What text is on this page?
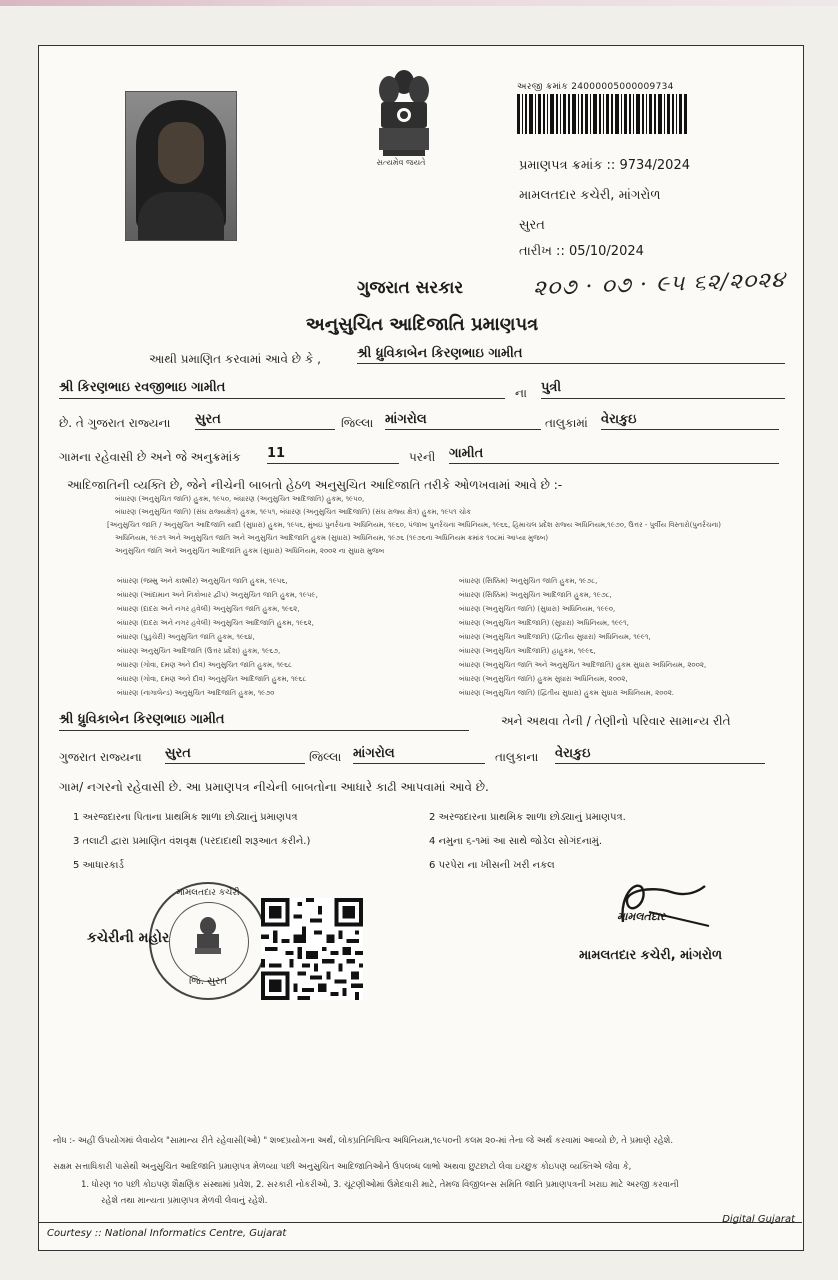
સત્યમેવ જયતે
અરજી ક્રમાંક 24000005000009734
પ્રમાણપત્ર ક્રમાંક :: 9734/2024
મામલતદાર કચેરી, માંગરોળ
સુરત
તારીખ :: 05/10/2024
ગુજરાત સરકાર	૨૦૭ · ૦૭ · ૯૫ ૬૨/૨૦૨૪
અનુસુચિત આદિજાતિ પ્રમાણપત્ર
આથી પ્રમાણિત કરવામાં આવે છે કે ,	શ્રી ધ્રુવિકાબેન કિરણભાઇ ગામીત
શ્રી કિરણભાઇ રવજીભાઇ ગામીત	ના પુત્રી
છે. તે ગુજરાત રાજ્યના સુરત	જિલ્લા માંગરોલ	તાલુકામાં વેરાકુઇ
ગામના રહેવાસી છે અને જે અનુક્રમાંક 11	પરની ગામીત
આદિજાતિની વ્યક્તિ છે, જેને નીચેની બાબતો હેઠળ અનુસુચિત આદિજાતિ તરીકે ઓળખવામાં આવે છે :-
બંધારણ (અનુસુચિત જાતિ) હુકમ, ૧૯૫૦, બંધારણ (અનુસુચિત આદિજાતિ) હુકમ, ૧૯૫૦,
બંધારણ (અનુસુચિત જાતિ) (સંઘ રાજ્યક્ષેત્ર) હુકમ, ૧૯૫૧, બંધારણ (અનુસુચિત આદિજાતિ) (સંઘ રાજ્ય ક્ષેત્ર) હુકમ, ૧૯૫૧ ચોક
[અનુસુચિત જાતિ / અનુસુચિત આદિજાતિ યાદી (સુધારા) હુકમ, ૧૯૫૬, મુંબઇ પુનર્રચના અધિનિયમ, ૧૯૬૦, પંજાબ પુનર્રચના અધિનિયમ, ૧૯૬૬, હિમાચલ પ્રદેશ રાજ્ય અધિનિયમ,૧૯૭૦, ઉત્તર - પુર્વીય વિસ્તારો(પુનર્રચના)
અધિનિયમ, ૧૯૭૧ અને અનુસુચિત જાતિ અને અનુસુચિત આદિજાતિ હુકમ (સુધારા) અધિનિયમ, ૧૯૭૬ (૧૯૭૬ના અધિનિયમ ક્રમાંક ૧૦૮માં આપ્યા મુજબ)
અનુસુચિત જાતિ અને અનુસુચિત આદિજાતિ હુકમ (સુધારા) અધિનિયમ, ૨૦૦૨ ના સુધારા મુજબ
બંધારણ (જમ્મુ અને કાશ્મીર) અનુસુચિત જાતિ હુકમ, ૧૯૫૬,
બંધારણ (આંદામાન અને નિકોબાર દ્વીપ) અનુસુચિત જાતિ હુકમ, ૧૯૫૯,
બંધારણ (દાદરા અને નગર હવેલી) અનુસુચિત જાતિ હુકમ, ૧૯૬૨,
બંધારણ (દાદરા અને નગર હવેલી) અનુસુચિત આદિજાતિ હુકમ, ૧૯૬૨,
બંધારણ (પુડુચેરી) અનુસુચિત જાતિ હુકમ, ૧૯૬૪,
બંધારણ અનુસુચિત આદિજાતિ (ઉત્તર પ્રદેશ) હુકમ, ૧૯૬૭,
બંધારણ (ગોવા, દમણ અને દીવ) અનુસુચિત જાતિ હુકમ, ૧૯૬૮
બંધારણ (ગોવા, દમણ અને દીવ) અનુસુચિત આદિજાતિ હુકમ, ૧૯૬૮
બંધારણ (નાગાલેન્ડ) અનુસુચિત આદિજાતિ હુકમ, ૧૯૭૦
બંધારણ (સિક્કિમ) અનુસુચિત જાતિ હુકમ, ૧૯૭૮,
બંધારણ (સિક્કિમ) અનુસુચિત આદિજાતિ હુકમ, ૧૯૭૮,
બંધારણ (અનુસુચિત જાતિ) (સુધારા) અધિનિયમ, ૧૯૯૦,
બંધારણ (અનુસુચિત આદિજાતિ) (સુધારા) અધિનિયમ, ૧૯૯૧,
બંધારણ (અનુસુચિત આદિજાતિ) (દ્વિતીય સુધારા) અધિનિયમ, ૧૯૯૧,
બંધારણ (અનુસુચિત આદિજાતિ) હાહુકમ, ૧૯૯૬,
બંધારણ (અનુસુચિત જાતિ અને અનુસુચિત આદિજાતિ) હુકમ સુધારા અધિનિયમ, ૨૦૦૨,
બંધારણ (અનુસુચિત જાતિ) હુકમ સુધારા અધિનિયમ, ૨૦૦૨,
બંધારણ (અનુસુચિત જાતિ) (દ્વિતીય સુધારા) હુકમ સુધારા અધિનિયમ, ૨૦૦૨.
શ્રી ધ્રુવિકાબેન કિરણભાઇ ગામીત	અને અથવા તેની / તેણીનો પરિવાર સામાન્ય રીતે
ગુજરાત રાજ્યના સુરત	જિલ્લા માંગરોલ	તાલુકાના વેરાકુઇ
ગામ/ નગરનો રહેવાસી છે. આ પ્રમાણપત્ર નીચેની બાબતોના આધારે કાઢી આપવામાં આવે છે.
1 અરજદારના પિતાના પ્રાથમિક શાળા છોડ્યાનું પ્રમાણપત્ર	2 અરજદારના પ્રાથમિક શાળા છોડ્યાનું પ્રમાણપત્ર.
3 તલાટી દ્વારા પ્રમાણિત વંશવૃક્ષ (પરદાદાથી શરૂઆત કરીને.)	4 નમુના ૬-૧માં આ સાથે જોડેલ સોગંદનામું.
5 આધારકાર્ડ	6 પરપેરા ના ખીસની ખરી નકલ
મામલતદાર કચેરી
જિ. સુરત
કચેરીની મહોર
મામલતદાર
મામલતદાર કચેરી, માંગરોળ
નોંધ :- અહીં ઉપયોગમાં લેવાયેલ "સામાન્ય રીતે રહેવાસી(ઓ) " શબ્દપ્રયોગના અર્થ, લોકપ્રતિનિધિત્વ અધિનિયમ,૧૯૫૦ની કલમ ૨૦-માં તેના જે અર્થ કરવામાં આવ્યો છે, તે પ્રમાણે રહેશે.
સક્ષમ સત્તાધિકારી પાસેથી અનુસુચિત આદિજાતિ પ્રમાણપત્ર મેળવ્યા પછી અનુસુચિત આદિજાતિઓને ઉપલબ્ધ લાભો અથવા છુટછાટો લેવા ઇચ્છુક કોઇપણ વ્યક્તિએ જેવા કે,
1. ધોરણ ૧૦ પછી કોઇપણ શૈક્ષણિક સંસ્થામાં પ્રવેશ, 2. સરકારી નોકરીઓ, 3. ચૂંટણીઓમાં ઉમેદવારી માટે, તેમજ વિજીલન્સ સમિતિ જાતિ પ્રમાણપત્રની ખરાઇ માટે અરજી કરવાની
રહેશે તથા માન્યતા પ્રમાણપત્ર મેળવી લેવાનું રહેશે.
Courtesy :: National Informatics Centre, Gujarat
Digital Gujarat
